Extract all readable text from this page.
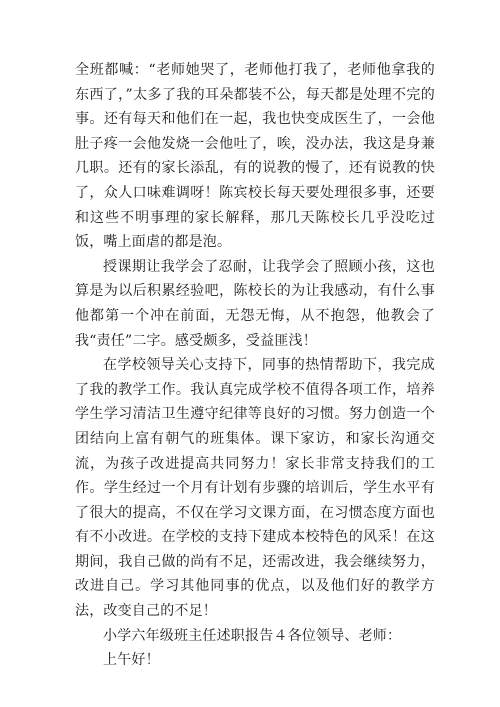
全班都喊：“老师她哭了，老师他打我了，老师他拿我的东西了，”太多了我的耳朵都装不公，每天都是处理不完的事。还有每天和他们在一起，我也快变成医生了，一会他肚子疼一会他发烧一会他吐了，唉，没办法，我这是身兼几职。还有的家长添乱，有的说教的慢了，还有说教的快了，众人口味难调呀！陈宾校长每天要处理很多事，还要和这些不明事理的家长解释，那几天陈校长几乎没吃过饭，嘴上面虐的都是泡。

授课期让我学会了忍耐，让我学会了照顾小孩，这也算是为以后积累经验吧，陈校长的为让我感动，有什么事他都第一个冲在前面，无怨无悔，从不抱怨，他教会了我“责任”二字。感受颇多，受益匪浅！

在学校领导关心支持下，同事的热情帮助下，我完成了我的教学工作。我认真完成学校不值得各项工作，培养学生学习清洁卫生遵守纪律等良好的习惯。努力创造一个团结向上富有朝气的班集体。课下家访，和家长沟通交流，为孩子改进提高共同努力！家长非常支持我们的工作。学生经过一个月有计划有步骤的培训后，学生水平有了很大的提高，不仅在学习文课方面，在习惯态度方面也有不小改进。在学校的支持下建成本校特色的风采！在这期间，我自己做的尚有不足，还需改进，我会继续努力，改进自己。学习其他同事的优点，以及他们好的教学方法，改变自己的不足！

小学六年级班主任述职报告４各位领导、老师：

上午好！
